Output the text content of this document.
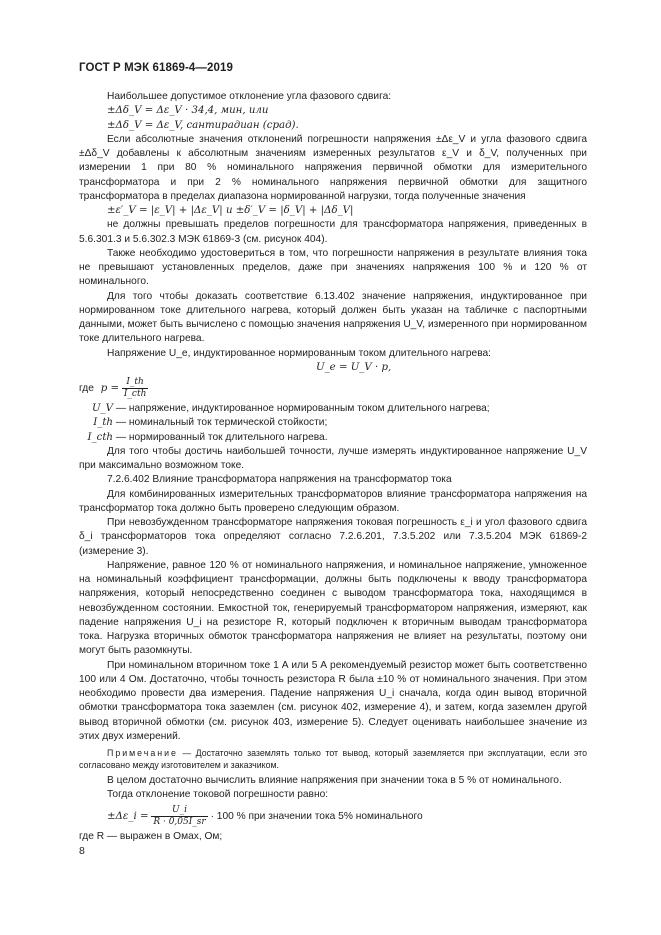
ГОСТ Р МЭК 61869-4—2019

Наибольшее допустимое отклонение угла фазового сдвига:

±Δδ_V = Δε_V · 34,4, мин, или

±Δδ_V = Δε_V, сантирадиан (срад).

Если абсолютные значения отклонений погрешности напряжения ±Δε_V и угла фазового сдвига ±Δδ_V добавлены к абсолютным значениям измеренных результатов ε_V и δ_V, полученных при измерении 1 при 80 % номинального напряжения первичной обмотки для измерительного трансформатора и при 2 % номинального напряжения первичной обмотки для защитного трансформатора в пределах диапазона нормированной нагрузки, тогда полученные значения

±ε′_V = |ε_V| + |Δε_V| и ±δ′_V = |δ_V| + |Δδ_V|

не должны превышать пределов погрешности для трансформатора напряжения, приведенных в 5.6.301.3 и 5.6.302.3 МЭК 61869-3 (см. рисунок 404).

Также необходимо удостовериться в том, что погрешности напряжения в результате влияния тока не превышают установленных пределов, даже при значениях напряжения 100 % и 120 % от номинального.

Для того чтобы доказать соответствие 6.13.402 значение напряжения, индуктированное при нормированном токе длительного нагрева, который должен быть указан на табличке с паспортными данными, может быть вычислено с помощью значения напряжения U_V, измеренного при нормированном токе длительного нагрева.

Напряжение U_e, индуктированное нормированным током длительного нагрева:

U_e = U_V · p,

где $p = \frac{I\_th}{\text{I\_cth}}$

U_V — напряжение, индуктированное нормированным током длительного нагрева;

I_th — номинальный ток термической стойкости;

I_cth — нормированный ток длительного нагрева.

Для того чтобы достичь наибольшей точности, лучше измерять индуктированное напряжение U_V при максимально возможном токе.

7.2.6.402 Влияние трансформатора напряжения на трансформатор тока

Для комбинированных измерительных трансформаторов влияние трансформатора напряжения на трансформатор тока должно быть проверено следующим образом.

При невозбужденном трансформаторе напряжения токовая погрешность ε_i и угол фазового сдвига δ_i трансформаторов тока определяют согласно 7.2.6.201, 7.3.5.202 или 7.3.5.204 МЭК 61869-2 (измерение 3).

Напряжение, равное 120 % от номинального напряжения, и номинальное напряжение, умноженное на номинальный коэффициент трансформации, должны быть подключены к вводу трансформатора напряжения, который непосредственно соединен с выводом трансформатора тока, находящимся в невозбужденном состоянии. Емкостной ток, генерируемый трансформатором напряжения, измеряют, как падение напряжения U_i на резисторе R, который подключен к вторичным выводам трансформатора тока. Нагрузка вторичных обмоток трансформатора напряжения не влияет на результаты, поэтому они могут быть разомкнуты.

При номинальном вторичном токе 1 А или 5 А рекомендуемый резистор может быть соответственно 100 или 4 Ом. Достаточно, чтобы точность резистора R была ±10 % от номинального значения. При этом необходимо провести два измерения. Падение напряжения U_i сначала, когда один вывод вторичной обмотки трансформатора тока заземлен (см. рисунок 402, измерение 4), и затем, когда заземлен другой вывод вторичной обмотки (см. рисунок 403, измерение 5). Следует оценивать наибольшее значение из этих двух измерений.

Примечание — Достаточно заземлять только тот вывод, который заземляется при эксплуатации, если это согласовано между изготовителем и заказчиком.

В целом достаточно вычислить влияние напряжения при значении тока в 5 % от номинального.

Тогда отклонение токовой погрешности равно:

±Δε_i = $\frac{U\_i}{R \cdot 0,05I\_sr} \cdot 100$ % при значении тока 5% номинального

где R — выражен в Омах, Ом;

8
